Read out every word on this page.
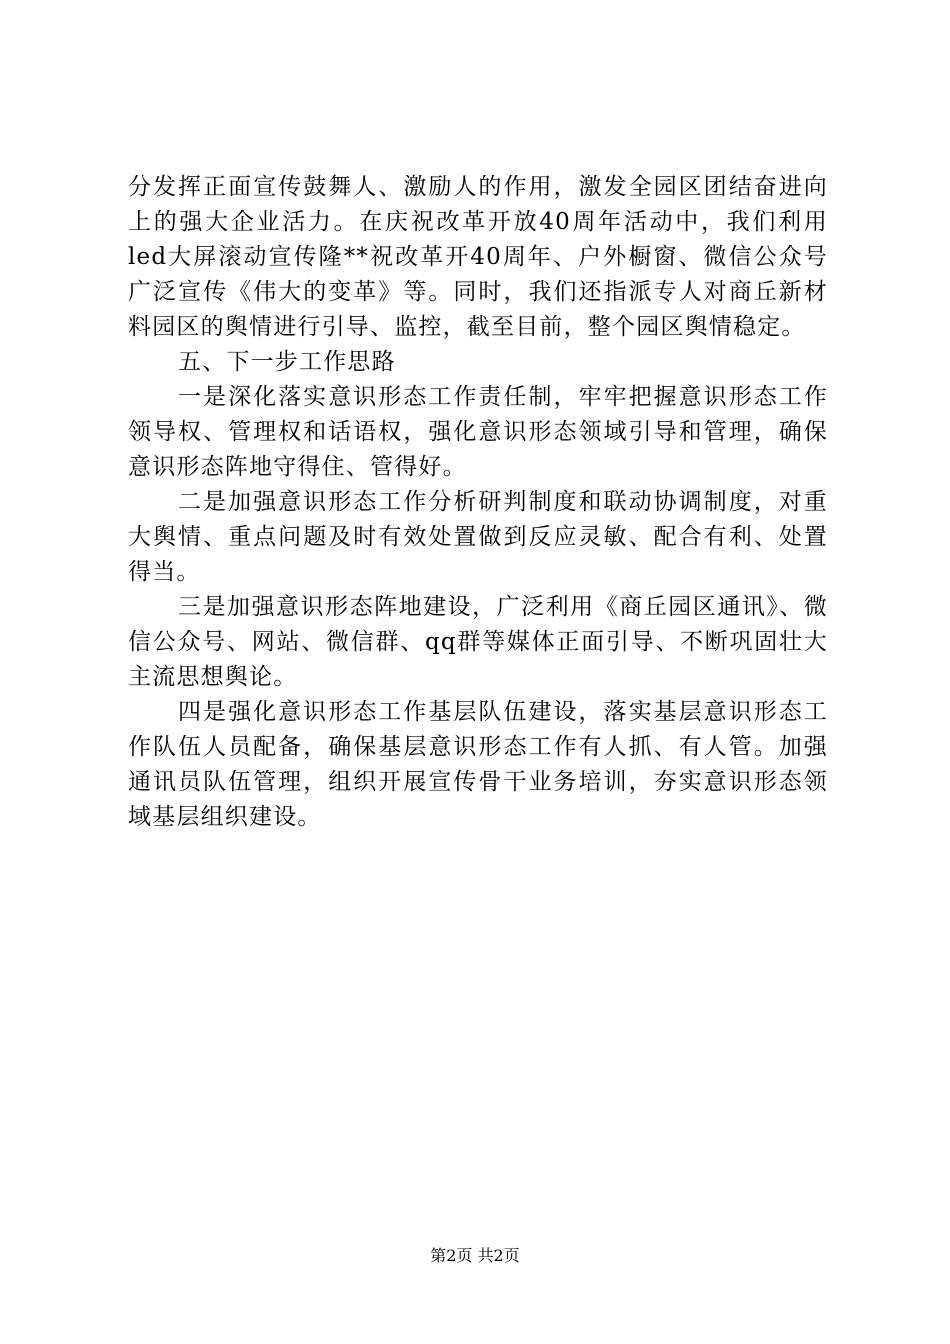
分发挥正面宣传鼓舞人、激励人的作用，激发全园区团结奋进向上的强大企业活力。在庆祝改革开放40周年活动中，我们利用led大屏滚动宣传隆**祝改革开40周年、户外橱窗、微信公众号广泛宣传《伟大的变革》等。同时，我们还指派专人对商丘新材料园区的舆情进行引导、监控，截至目前，整个园区舆情稳定。

五、下一步工作思路

一是深化落实意识形态工作责任制，牢牢把握意识形态工作领导权、管理权和话语权，强化意识形态领域引导和管理，确保意识形态阵地守得住、管得好。

二是加强意识形态工作分析研判制度和联动协调制度，对重大舆情、重点问题及时有效处置做到反应灵敏、配合有利、处置得当。

三是加强意识形态阵地建设，广泛利用《商丘园区通讯》、微信公众号、网站、微信群、qq群等媒体正面引导、不断巩固壮大主流思想舆论。

四是强化意识形态工作基层队伍建设，落实基层意识形态工作队伍人员配备，确保基层意识形态工作有人抓、有人管。加强通讯员队伍管理，组织开展宣传骨干业务培训，夯实意识形态领域基层组织建设。

第2页 共2页
